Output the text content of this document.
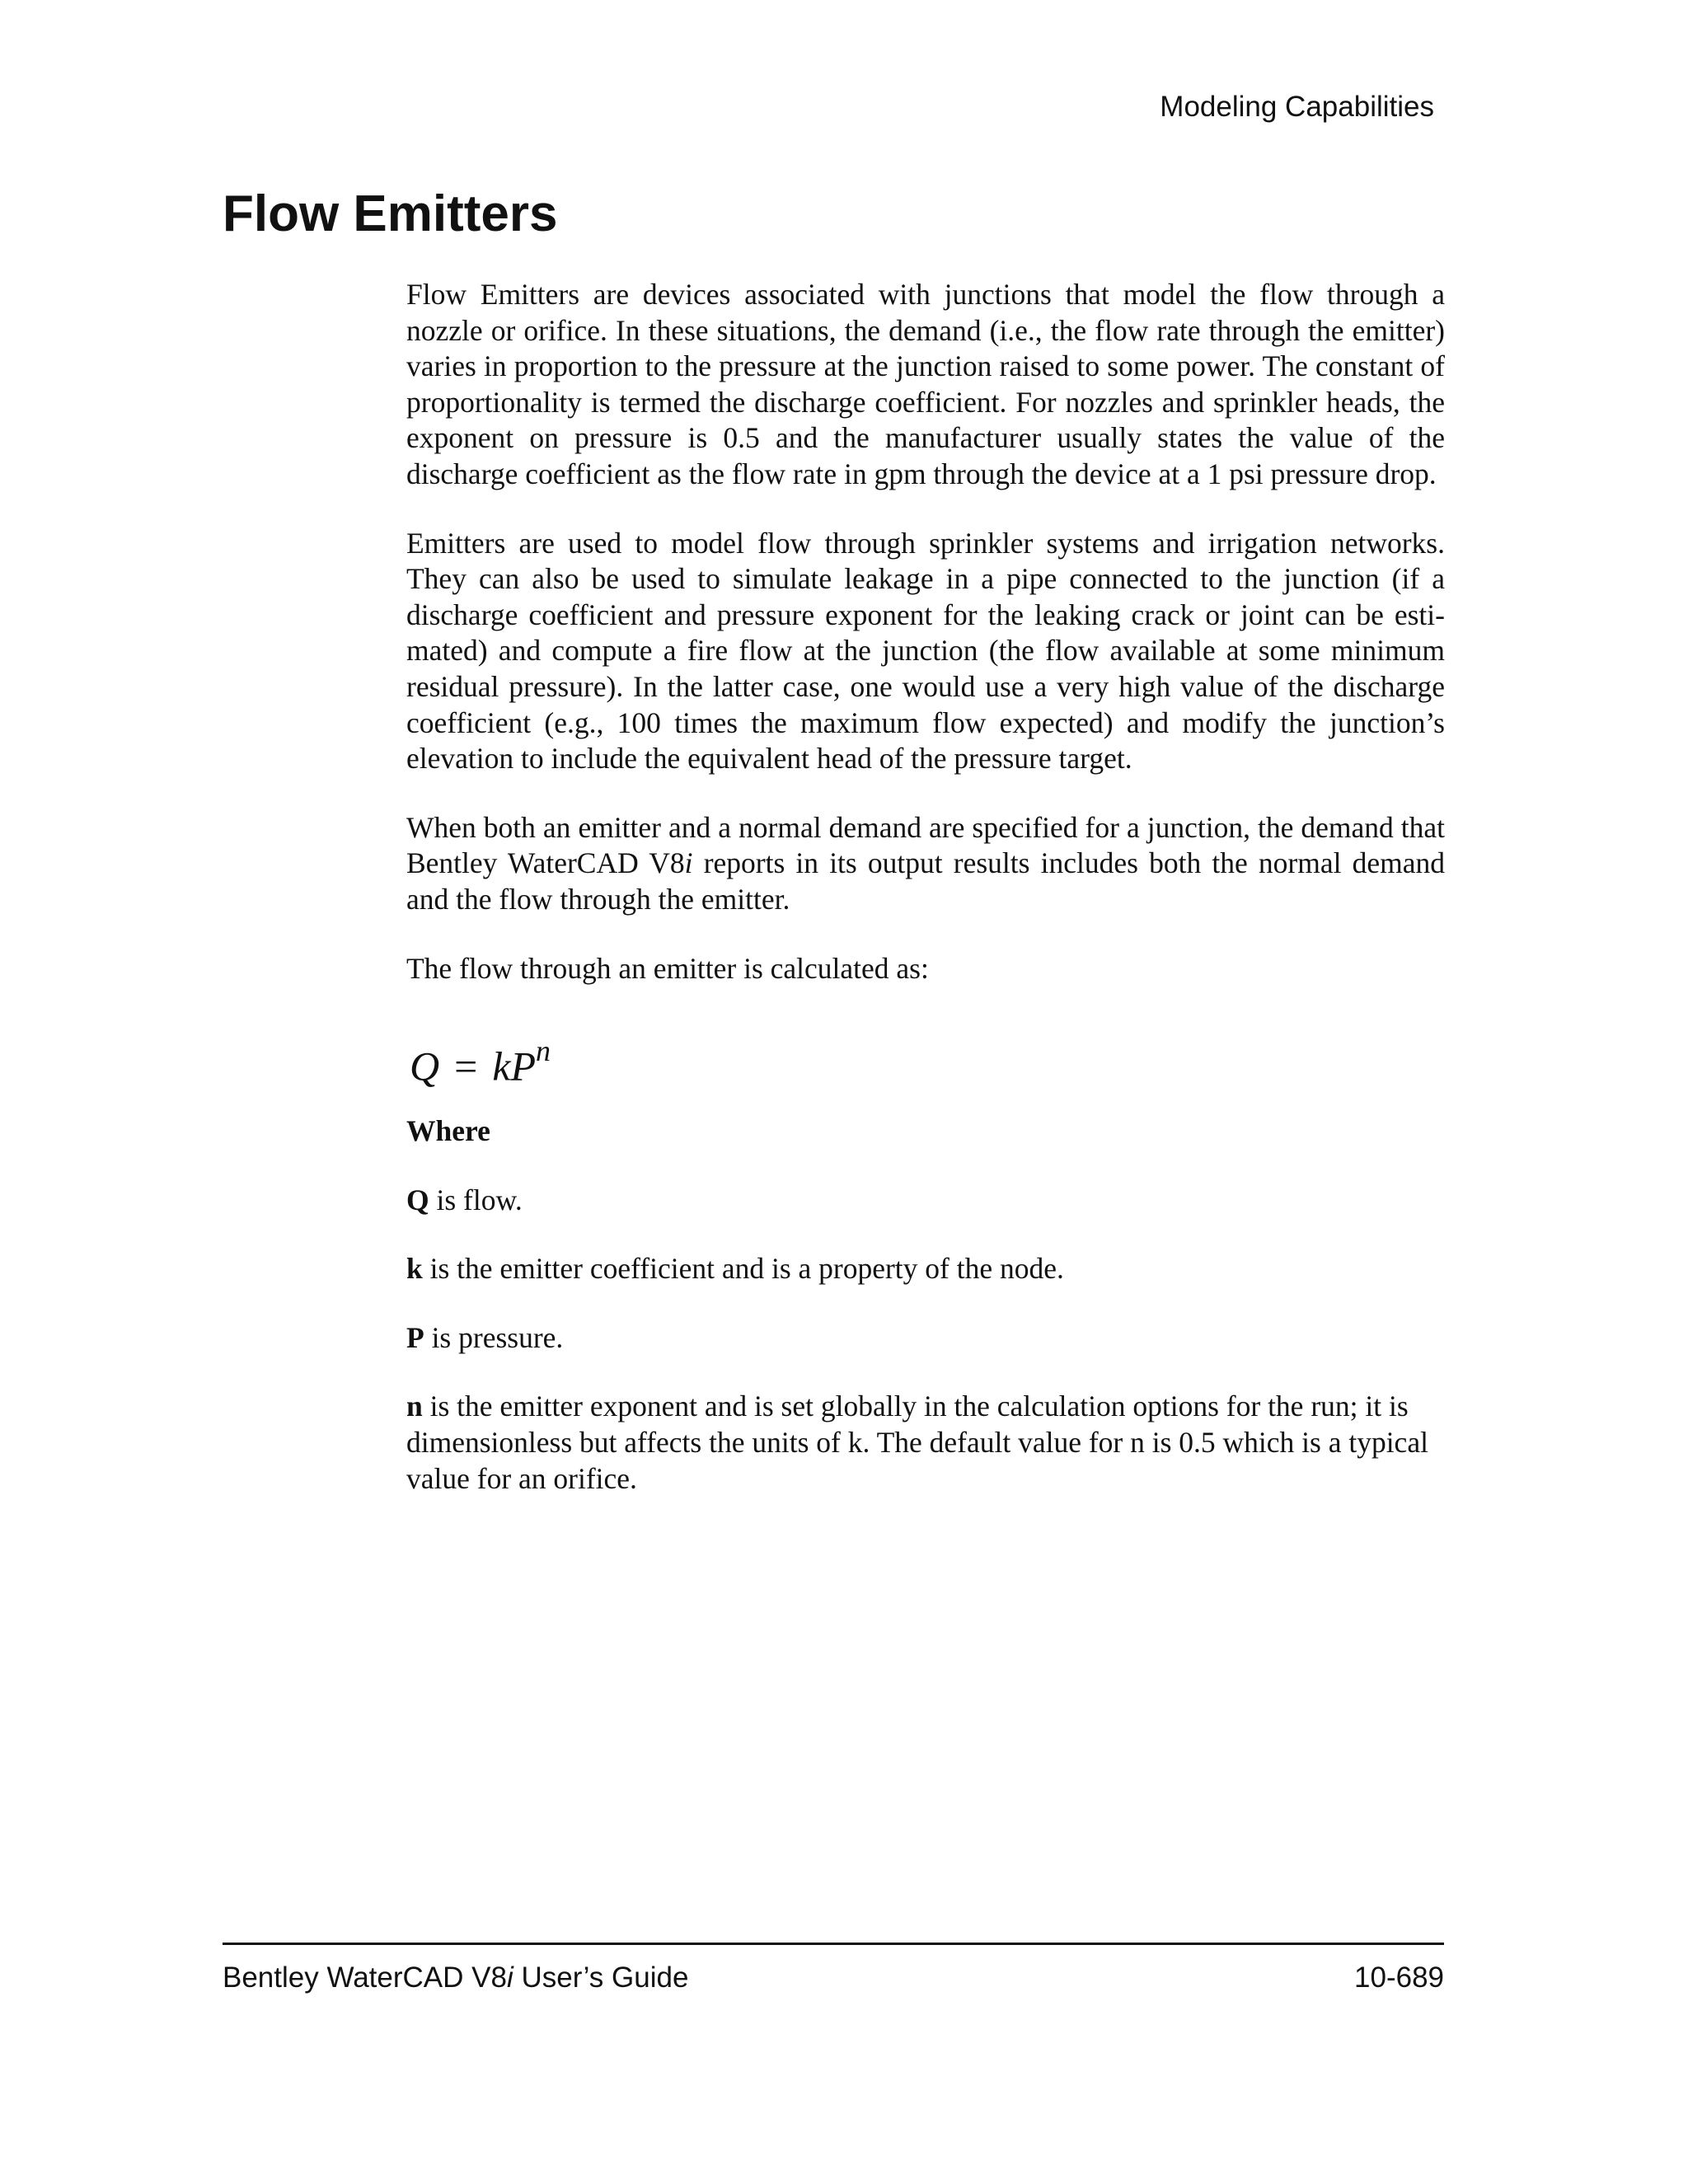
Modeling Capabilities
Flow Emitters

Flow Emitters are devices associated with junctions that model the flow through a nozzle or orifice. In these situations, the demand (i.e., the flow rate through the emitter) varies in proportion to the pressure at the junction raised to some power. The constant of proportionality is termed the discharge coefficient. For nozzles and sprinkler heads, the exponent on pressure is 0.5 and the manufacturer usually states the value of the discharge coefficient as the flow rate in gpm through the device at a 1 psi pressure drop.

Emitters are used to model flow through sprinkler systems and irrigation networks. They can also be used to simulate leakage in a pipe connected to the junction (if a discharge coefficient and pressure exponent for the leaking crack or joint can be estimated) and compute a fire flow at the junction (the flow available at some minimum residual pressure). In the latter case, one would use a very high value of the discharge coefficient (e.g., 100 times the maximum flow expected) and modify the junction’s elevation to include the equivalent head of the pressure target.

When both an emitter and a normal demand are specified for a junction, the demand that Bentley WaterCAD V8i reports in its output results includes both the normal demand and the flow through the emitter.

The flow through an emitter is calculated as:

$Q = kP^n$

Where

Q is flow.

k is the emitter coefficient and is a property of the node.

P is pressure.

n is the emitter exponent and is set globally in the calculation options for the run; it is dimensionless but affects the units of k. The default value for n is 0.5 which is a typical value for an orifice.

Bentley WaterCAD V8i User’s Guide	10-689
